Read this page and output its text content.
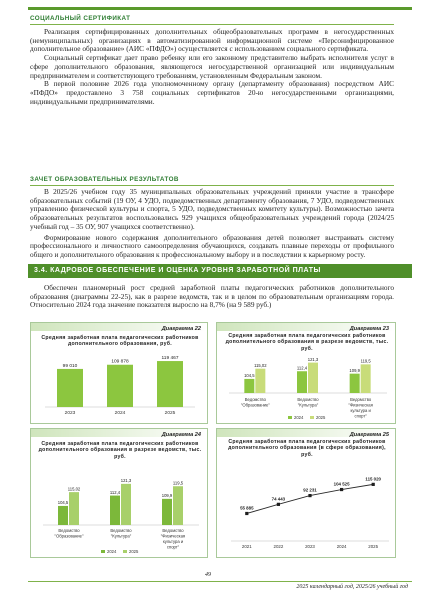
СОЦИАЛЬНЫЙ СЕРТИФИКАТ
Реализация сертифицированных дополнительных общеобразовательных программ в негосударственных (немуниципальных) организациях в автоматизированной информационной системе «Персонифицированное дополнительное образование» (АИС «ПФДО») осуществляется с использованием социального сертификата.
Социальный сертификат дает право ребенку или его законному представителю выбрать исполнителя услуг в сфере дополнительного образования, являющегося негосударственной организацией или индивидуальным предпринимателем и соответствующего требованиям, установленным Федеральным законом.
В первой половине 2026 года уполномоченному органу (департаменту образования) посредством АИС «ПФДО» предоставлено 3 758 социальных сертификатов 20-ю негосударственными организациями, индивидуальными предпринимателями.
ЗАЧЕТ ОБРАЗОВАТЕЛЬНЫХ РЕЗУЛЬТАТОВ
В 2025/26 учебном году 35 муниципальных образовательных учреждений приняли участие в трансфере образовательных событий (19 ОУ, 4 УДО, подведомственных департаменту образования, 7 УДО, подведомственных управлению физической культуры и спорта, 5 УДО, подведомственных комитету культуры). Возможностью зачета образовательных результатов воспользовались 929 учащихся общеобразовательных учреждений города (2024/25 учебный год – 35 ОУ, 907 учащихся соответственно).
Формирование нового содержания дополнительного образования детей позволяет выстраивать систему профессионального и личностного самоопределения обучающихся, создавать плавные переходы от профильного общего и дополнительного образования к профессиональному выбору и в последствии к карьерному росту.
3.4. КАДРОВОЕ ОБЕСПЕЧЕНИЕ И ОЦЕНКА УРОВНЯ ЗАРАБОТНОЙ ПЛАТЫ
Обеспечен планомерный рост средней заработной платы педагогических работников дополнительного образования (диаграммы 22-25), как в разрезе ведомств, так и в целом по образовательным организациям города. Относительно 2024 года значение показателя выросло на 8,7% (на 9 589 руб.)
Диаграмма 22
Средняя заработная плата педагогических работников дополнительного образования, руб.
99 010
2023
109 878
2024
119 467
2025
Диаграмма 23
Средняя заработная плата педагогических работников дополнительного образования в разрезе ведомств, тыс. руб.
104,5
115,02
Ведомство
"Образование"
112,4
121,3
Ведомство
"Культура"
109,9
119,5
Ведомство
"Физическая
культура и
спорт"
2024	2025
Диаграмма 24
Средняя заработная плата педагогических работников дополнительного образования в разрезе ведомств, тыс. руб.
104,5
115,02
Ведомство
"Образование"
112,4
121,3
Ведомство
"Культура"
109,9
119,5
Ведомство
"Физическая
культура и
спорт"
2024	2025
Диаграмма 25
Средняя заработная плата педагогических работников дополнительного образования (в сфере образования), руб.
55 885
2021
74 443
2022
92 231
2023
104 525
2024
115 020
2025
49
2025 календарный год, 2025/26 учебный год
